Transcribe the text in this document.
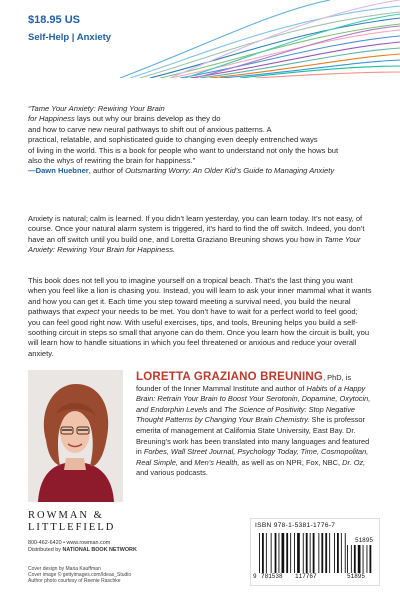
$18.95 US
Self-Help | Anxiety

“Tame Your Anxiety: Rewiring Your Brain

for Happiness lays out why our brains develop as they do

and how to carve new neural pathways to shift out of anxious patterns. A

practical, relatable, and sophisticated guide to changing even deeply entrenched ways

of living in the world. This is a book for people who want to understand not only the hows but

also the whys of rewiring the brain for happiness.”

—Dawn Huebner, author of Outsmarting Worry: An Older Kid’s Guide to Managing Anxiety

Anxiety is natural; calm is learned. If you didn’t learn yesterday, you can learn today. It’s not easy, of course. Once your natural alarm system is triggered, it’s hard to find the off switch. Indeed, you don’t have an off switch until you build one, and Loretta Graziano Breuning shows you how in Tame Your Anxiety: Rewiring Your Brain for Happiness.

This book does not tell you to imagine yourself on a tropical beach. That’s the last thing you want when you feel like a lion is chasing you. Instead, you will learn to ask your inner mammal what it wants and how you can get it. Each time you step toward meeting a survival need, you build the neural pathways that expect your needs to be met. You don’t have to wait for a perfect world to feel good; you can feel good right now. With useful exercises, tips, and tools, Breuning helps you build a self-soothing circuit in steps so small that anyone can do them. Once you learn how the circuit is built, you will learn how to handle situations in which you feel threatened or anxious and reduce your overall anxiety.

LORETTA GRAZIANO BREUNING, PhD, is founder of the Inner Mammal Institute and author of Habits of a Happy Brain: Retrain Your Brain to Boost Your Serotonin, Dopamine, Oxytocin, and Endorphin Levels and The Science of Positivity: Stop Negative Thought Patterns by Changing Your Brain Chemistry. She is professor emerita of management at California State University, East Bay. Dr. Breuning’s work has been translated into many languages and featured in Forbes, Wall Street Journal, Psychology Today, Time, Cosmopolitan, Real Simple, and Men’s Health, as well as on NPR, Fox, NBC, Dr. Oz, and various podcasts.
ROWMAN &
LITTLEFIELD
800-462-6420 • www.rowman.com
Distributed by NATIONAL BOOK NETWORK
Cover design by Maria Kauffman
Cover image © gettyimages.com/Ideas_Studio
Author photo courtesy of Reenie Raschke
ISBN 978-1-5381-1776-7
51895
9 781538 117767	51895
